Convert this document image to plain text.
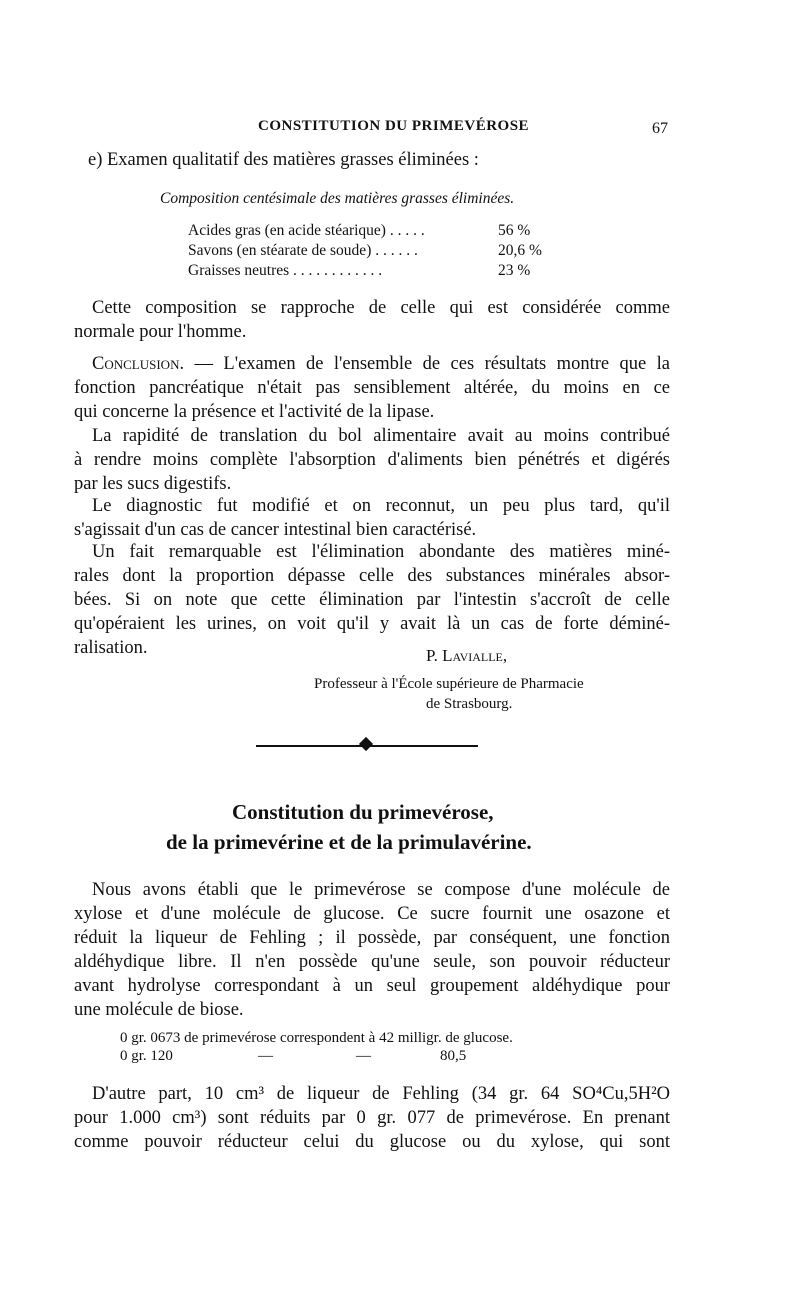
CONSTITUTION DU PRIMEVÉROSE	67
e) Examen qualitatif des matières grasses éliminées :
Composition centésimale des matières grasses éliminées.
Acides gras (en acide stéarique) . . . . .	56 %
Savons (en stéarate de soude) . . . . . .	20,6 %
Graisses neutres . . . . . . . . . . . .	23 %
Cette composition se rapproche de celle qui est considérée comme
normale pour l'homme.
Conclusion. — L'examen de l'ensemble de ces résultats montre que la
fonction pancréatique n'était pas sensiblement altérée, du moins en ce
qui concerne la présence et l'activité de la lipase.
La rapidité de translation du bol alimentaire avait au moins contribué
à rendre moins complète l'absorption d'aliments bien pénétrés et digérés
par les sucs digestifs.
Le diagnostic fut modifié et on reconnut, un peu plus tard, qu'il
s'agissait d'un cas de cancer intestinal bien caractérisé.
Un fait remarquable est l'élimination abondante des matières miné-
rales dont la proportion dépasse celle des substances minérales absor-
bées. Si on note que cette élimination par l'intestin s'accroît de celle
qu'opéraient les urines, on voit qu'il y avait là un cas de forte déminé-
ralisation.	P. Lavialle,
Professeur à l'École supérieure de Pharmacie
de Strasbourg.
Constitution du primevérose,
de la primevérine et de la primulavérine.
Nous avons établi que le primevérose se compose d'une molécule de
xylose et d'une molécule de glucose. Ce sucre fournit une osazone et
réduit la liqueur de Fehling ; il possède, par conséquent, une fonction
aldéhydique libre. Il n'en possède qu'une seule, son pouvoir réducteur
avant hydrolyse correspondant à un seul groupement aldéhydique pour
une molécule de biose.
0 gr. 0673 de primevérose correspondent à 42 milligr. de glucose.
0 gr. 120	—	—	80,5
D'autre part, 10 cm³ de liqueur de Fehling (34 gr. 64 SO⁴Cu,5H²O
pour 1.000 cm³) sont réduits par 0 gr. 077 de primevérose. En prenant
comme pouvoir réducteur celui du glucose ou du xylose, qui sont
